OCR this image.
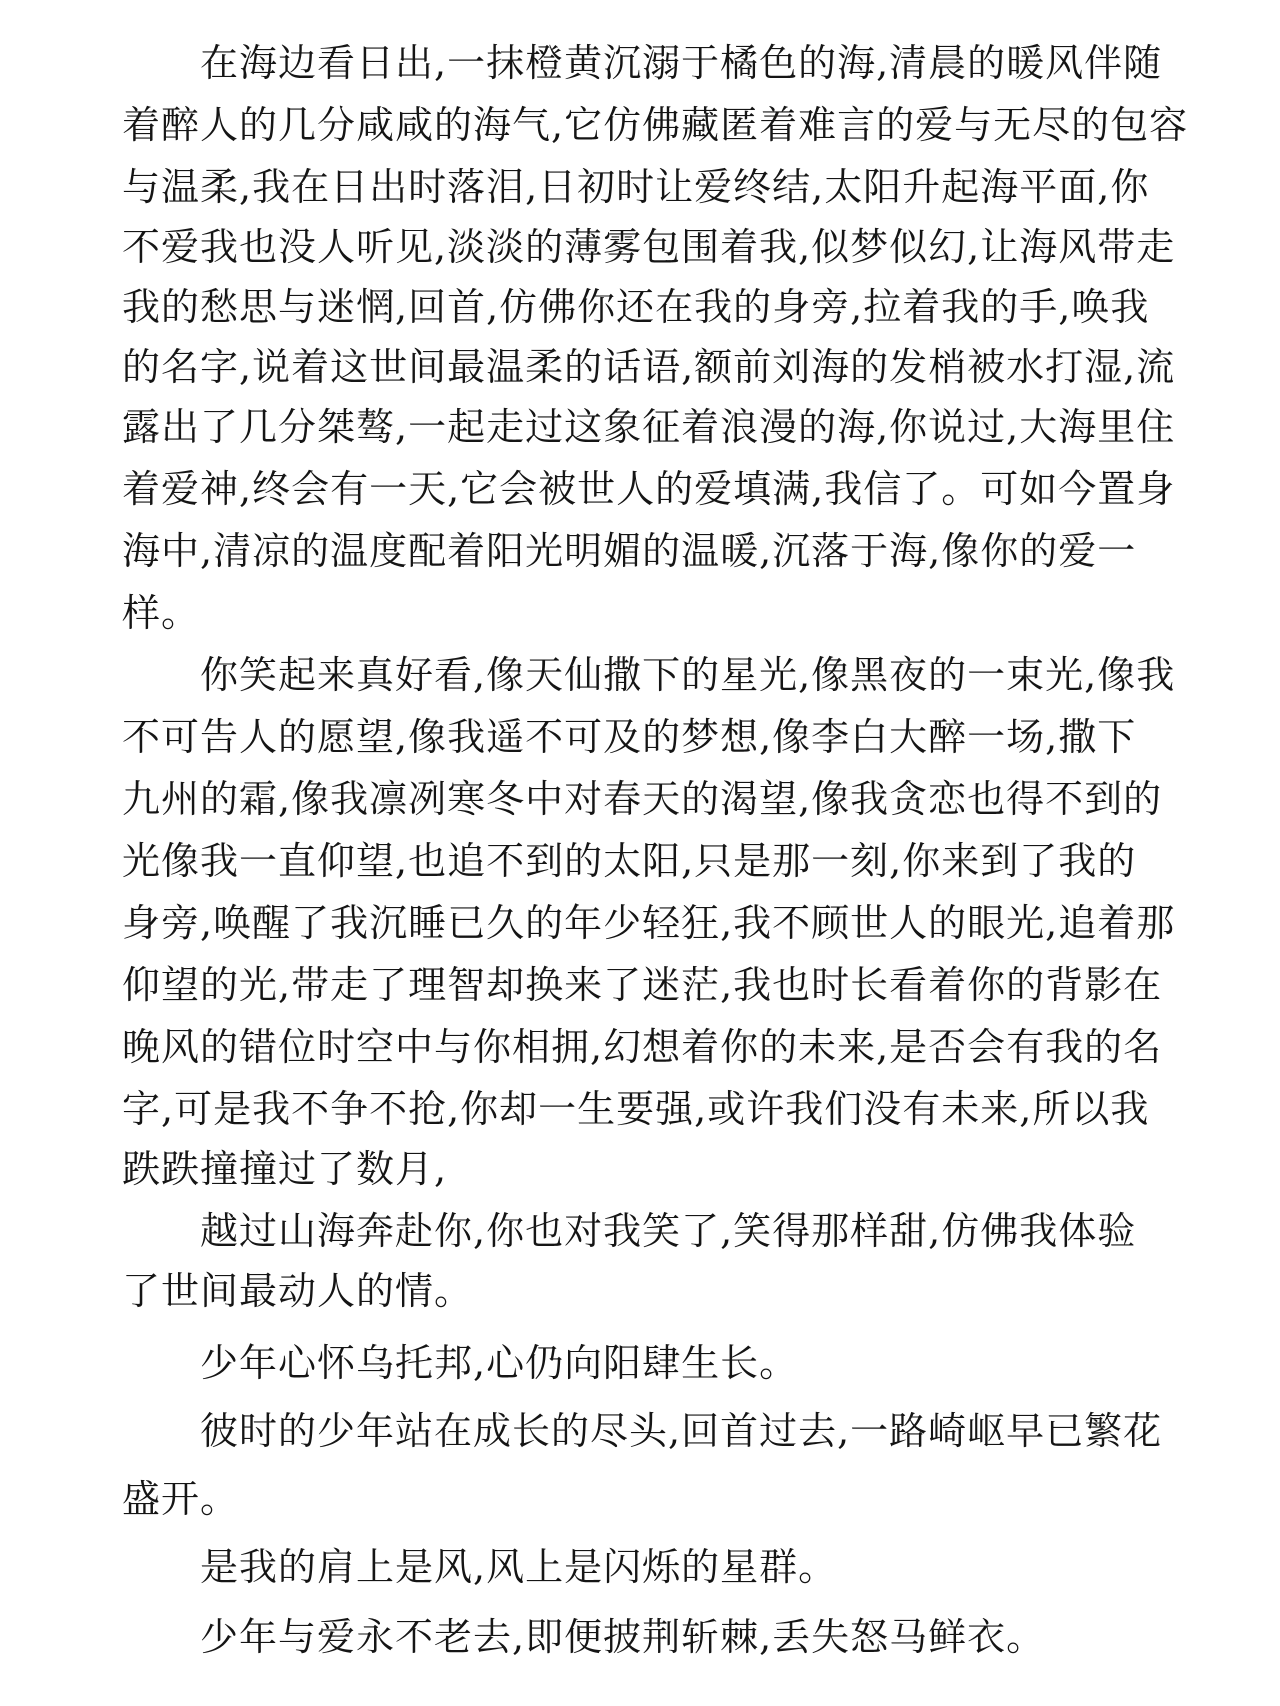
在海边看日出,一抹橙黄沉溺于橘色的海,清晨的暖风伴随
着醉人的几分咸咸的海气,它仿佛藏匿着难言的爱与无尽的包容
与温柔,我在日出时落泪,日初时让爱终结,太阳升起海平面,你
不爱我也没人听见,淡淡的薄雾包围着我,似梦似幻,让海风带走
我的愁思与迷惘,回首,仿佛你还在我的身旁,拉着我的手,唤我
的名字,说着这世间最温柔的话语,额前刘海的发梢被水打湿,流
露出了几分桀骜,一起走过这象征着浪漫的海,你说过,大海里住
着爱神,终会有一天,它会被世人的爱填满,我信了。可如今置身
海中,清凉的温度配着阳光明媚的温暖,沉落于海,像你的爱一
样。
你笑起来真好看,像天仙撒下的星光,像黑夜的一束光,像我
不可告人的愿望,像我遥不可及的梦想,像李白大醉一场,撒下
九州的霜,像我凛冽寒冬中对春天的渴望,像我贪恋也得不到的
光像我一直仰望,也追不到的太阳,只是那一刻,你来到了我的
身旁,唤醒了我沉睡已久的年少轻狂,我不顾世人的眼光,追着那
仰望的光,带走了理智却换来了迷茫,我也时长看着你的背影在
晚风的错位时空中与你相拥,幻想着你的未来,是否会有我的名
字,可是我不争不抢,你却一生要强,或许我们没有未来,所以我
跌跌撞撞过了数月,
越过山海奔赴你,你也对我笑了,笑得那样甜,仿佛我体验
了世间最动人的情。
少年心怀乌托邦,心仍向阳肆生长。
彼时的少年站在成长的尽头,回首过去,一路崎岖早已繁花
盛开。
是我的肩上是风,风上是闪烁的星群。
少年与爱永不老去,即便披荆斩棘,丢失怒马鲜衣。
